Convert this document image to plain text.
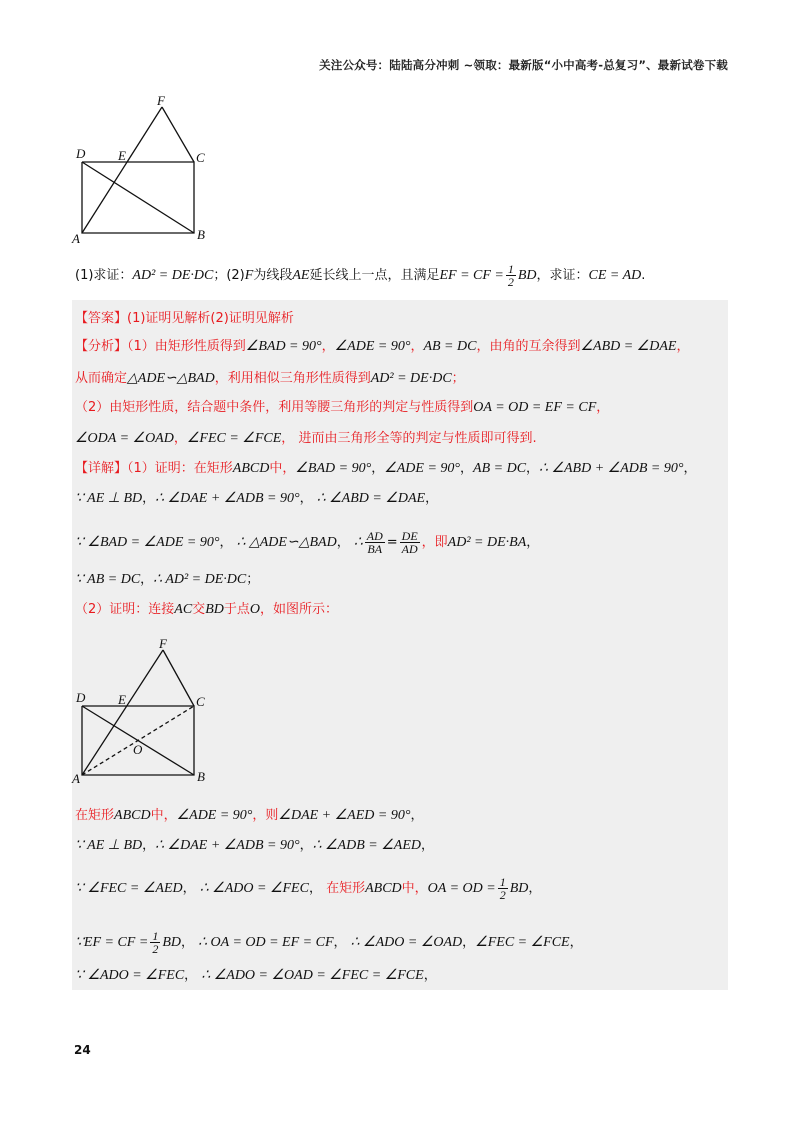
关注公众号：陆陆高分冲刺 ~领取：最新版“小中高考-总复习”、最新试卷下载
F
D	E	C
A	B
(1)求证：AD² = DE·DC；(2)F为线段AE延长线上一点，且满足EF = CF = $\frac{1}{2}$ BD，求证：CE = AD.
【答案】(1)证明见解析(2)证明见解析
【分析】（1）由矩形性质得到∠BAD = 90°，∠ADE = 90°，AB = DC，由角的互余得到∠ABD = ∠DAE，
从而确定△ADE∽△BAD，利用相似三角形性质得到AD² = DE·DC；
（2）由矩形性质，结合题中条件，利用等腰三角形的判定与性质得到OA = OD = EF = CF，
∠ODA = ∠OAD，∠FEC = ∠FCE， 进而由三角形全等的判定与性质即可得到.
【详解】（1）证明：在矩形ABCD中，∠BAD = 90°，∠ADE = 90°，AB = DC，∴ ∠ABD + ∠ADB = 90°，
∵ AE ⊥ BD，∴ ∠DAE + ∠ADB = 90°， ∴ ∠ABD = ∠DAE，
∵ ∠BAD = ∠ADE = 90°， ∴ △ADE∽△BAD， ∴ $\frac{AD}{BA} = \frac{DE}{AD}$ ，即AD² = DE·BA，
∵ AB = DC，∴ AD² = DE·DC；
（2）证明：连接AC交BD于点O，如图所示：
F
D	E	C
O
A	B
在矩形ABCD中，∠ADE = 90°，则∠DAE + ∠AED = 90°，
∵ AE ⊥ BD，∴ ∠DAE + ∠ADB = 90°，∴ ∠ADB = ∠AED，
∵ ∠FEC = ∠AED， ∴ ∠ADO = ∠FEC， 在矩形ABCD中，OA = OD = $\frac{1}{2}$ BD，
∵EF = CF = $\frac{1}{2}$ BD， ∴ OA = OD = EF = CF， ∴ ∠ADO = ∠OAD，∠FEC = ∠FCE，
∵ ∠ADO = ∠FEC， ∴ ∠ADO = ∠OAD = ∠FEC = ∠FCE，
24
